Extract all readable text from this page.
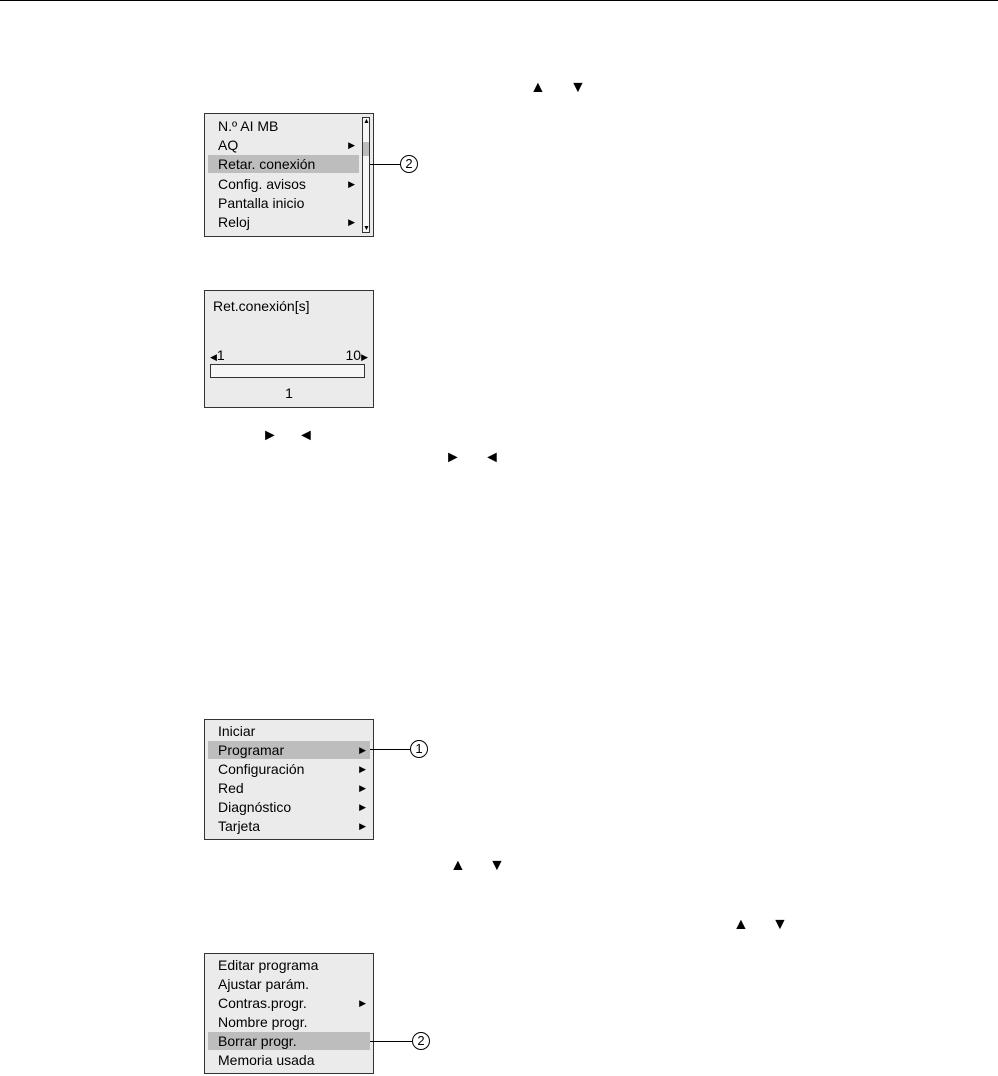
▲ ▼
N.º AI MB
AQ	▶
Retar. conexión
Config. avisos	▶
Pantalla inicio
Reloj	▶
▲
▼
2
Ret.conexión[s]
◀1	10▶
1
► ◄
► ◄
Iniciar
Programar	▶
Configuración	▶
Red	▶
Diagnóstico	▶
Tarjeta	▶
1
▲ ▼
▲ ▼
Editar programa
Ajustar parám.
Contras.progr.	▶
Nombre progr.
Borrar progr.
Memoria usada
2
